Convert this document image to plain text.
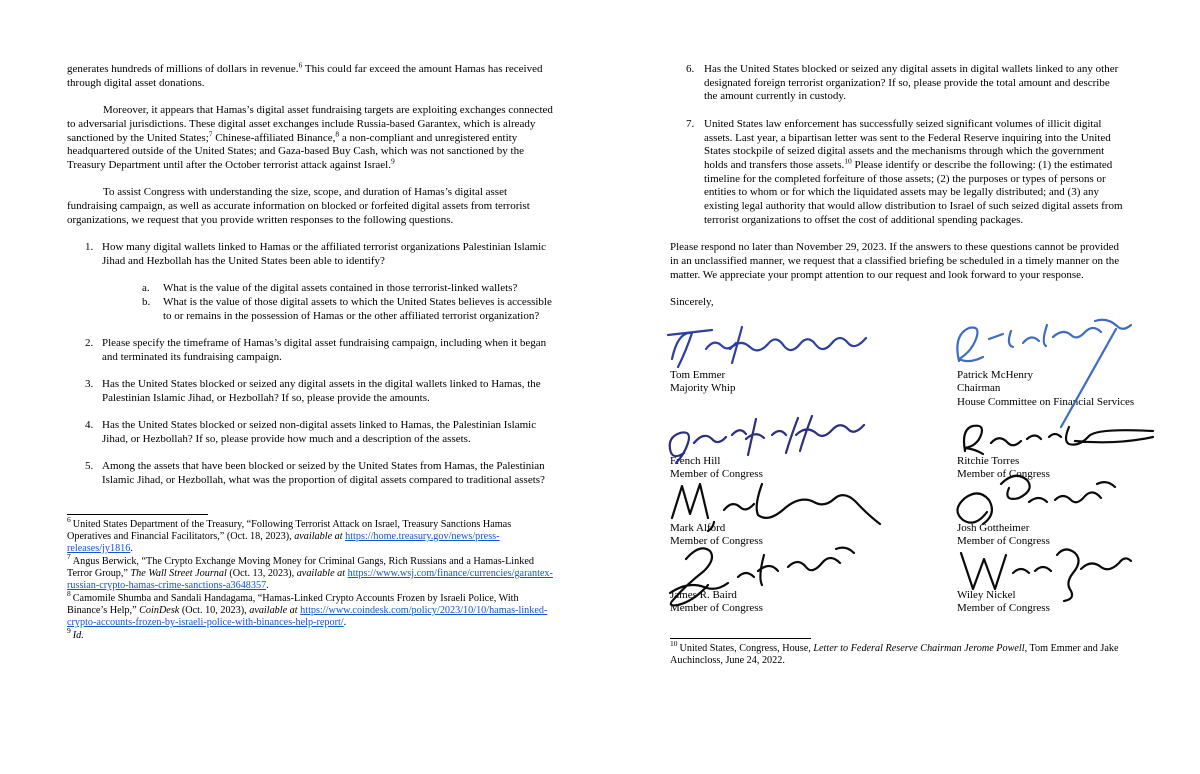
generates hundreds of millions of dollars in revenue.$^6$ This could far exceed the amount Hamas has received through digital asset donations.

Moreover, it appears that Hamas’s digital asset fundraising targets are exploiting exchanges connected to adversarial jurisdictions. These digital asset exchanges include Russia-based Garantex, which is already sanctioned by the United States;$^7$ Chinese-affiliated Binance,$^8$ a non-compliant and unregistered entity headquartered outside of the United States; and Gaza-based Buy Cash, which was not sanctioned by the Treasury Department until after the October terrorist attack against Israel.$^9$

To assist Congress with understanding the size, scope, and duration of Hamas’s digital asset fundraising campaign, as well as accurate information on blocked or forfeited digital assets from terrorist organizations, we request that you provide written responses to the following questions.

1. How many digital wallets linked to Hamas or the affiliated terrorist organizations Palestinian Islamic Jihad and Hezbollah has the United States been able to identify?
a. What is the value of the digital assets contained in those terrorist-linked wallets?
b. What is the value of those digital assets to which the United States believes is accessible to or remains in the possession of Hamas or the other affiliated terrorist organization?
2. Please specify the timeframe of Hamas’s digital asset fundraising campaign, including when it began and terminated its fundraising campaign.
3. Has the United States blocked or seized any digital assets in the digital wallets linked to Hamas, the Palestinian Islamic Jihad, or Hezbollah? If so, please provide the amounts.
4. Has the United States blocked or seized non-digital assets linked to Hamas, the Palestinian Islamic Jihad, or Hezbollah? If so, please provide how much and a description of the assets.
5. Among the assets that have been blocked or seized by the United States from Hamas, the Palestinian Islamic Jihad, or Hezbollah, what was the proportion of digital assets compared to traditional assets?
$^6$ United States Department of the Treasury, “Following Terrorist Attack on Israel, Treasury Sanctions Hamas Operatives and Financial Facilitators,” (Oct. 18, 2023), available at https://home.treasury.gov/news/press-releases/jy1816.
$^7$ Angus Berwick, “The Crypto Exchange Moving Money for Criminal Gangs, Rich Russians and a Hamas-Linked Terror Group,” The Wall Street Journal (Oct. 13, 2023), available at https://www.wsj.com/finance/currencies/garantex-russian-crypto-hamas-crime-sanctions-a3648357.
$^8$ Camomile Shumba and Sandali Handagama, “Hamas-Linked Crypto Accounts Frozen by Israeli Police, With Binance’s Help,” CoinDesk (Oct. 10, 2023), available at https://www.coindesk.com/policy/2023/10/10/hamas-linked-crypto-accounts-frozen-by-israeli-police-with-binances-help-report/.
$^9$ Id.
6. Has the United States blocked or seized any digital assets in digital wallets linked to any other designated foreign terrorist organization? If so, please provide the total amount and describe the amount currently in custody.
7. United States law enforcement has successfully seized significant volumes of illicit digital assets. Last year, a bipartisan letter was sent to the Federal Reserve inquiring into the United States stockpile of seized digital assets and the mechanisms through which the government holds and transfers those assets.$^{10}$ Please identify or describe the following: (1) the estimated timeline for the completed forfeiture of those assets; (2) the purposes or types of persons or entities to whom or for which the liquidated assets may be legally distributed; and (3) any existing legal authority that would allow distribution to Israel of such seized digital assets from terrorist organizations to offset the cost of additional spending packages.

Please respond no later than November 29, 2023. If the answers to these questions cannot be provided in an unclassified manner, we request that a classified briefing be scheduled in a timely manner on the matter. We appreciate your prompt attention to our request and look forward to your response.

Sincerely,

Tom Emmer
Majority Whip
Patrick McHenry
Chairman
House Committee on Financial Services
French Hill
Member of Congress
Ritchie Torres
Member of Congress
Mark Alford
Member of Congress
Josh Gottheimer
Member of Congress
James R. Baird
Member of Congress
Wiley Nickel
Member of Congress
$^{10}$ United States, Congress, House, Letter to Federal Reserve Chairman Jerome Powell, Tom Emmer and Jake Auchincloss, June 24, 2022.
